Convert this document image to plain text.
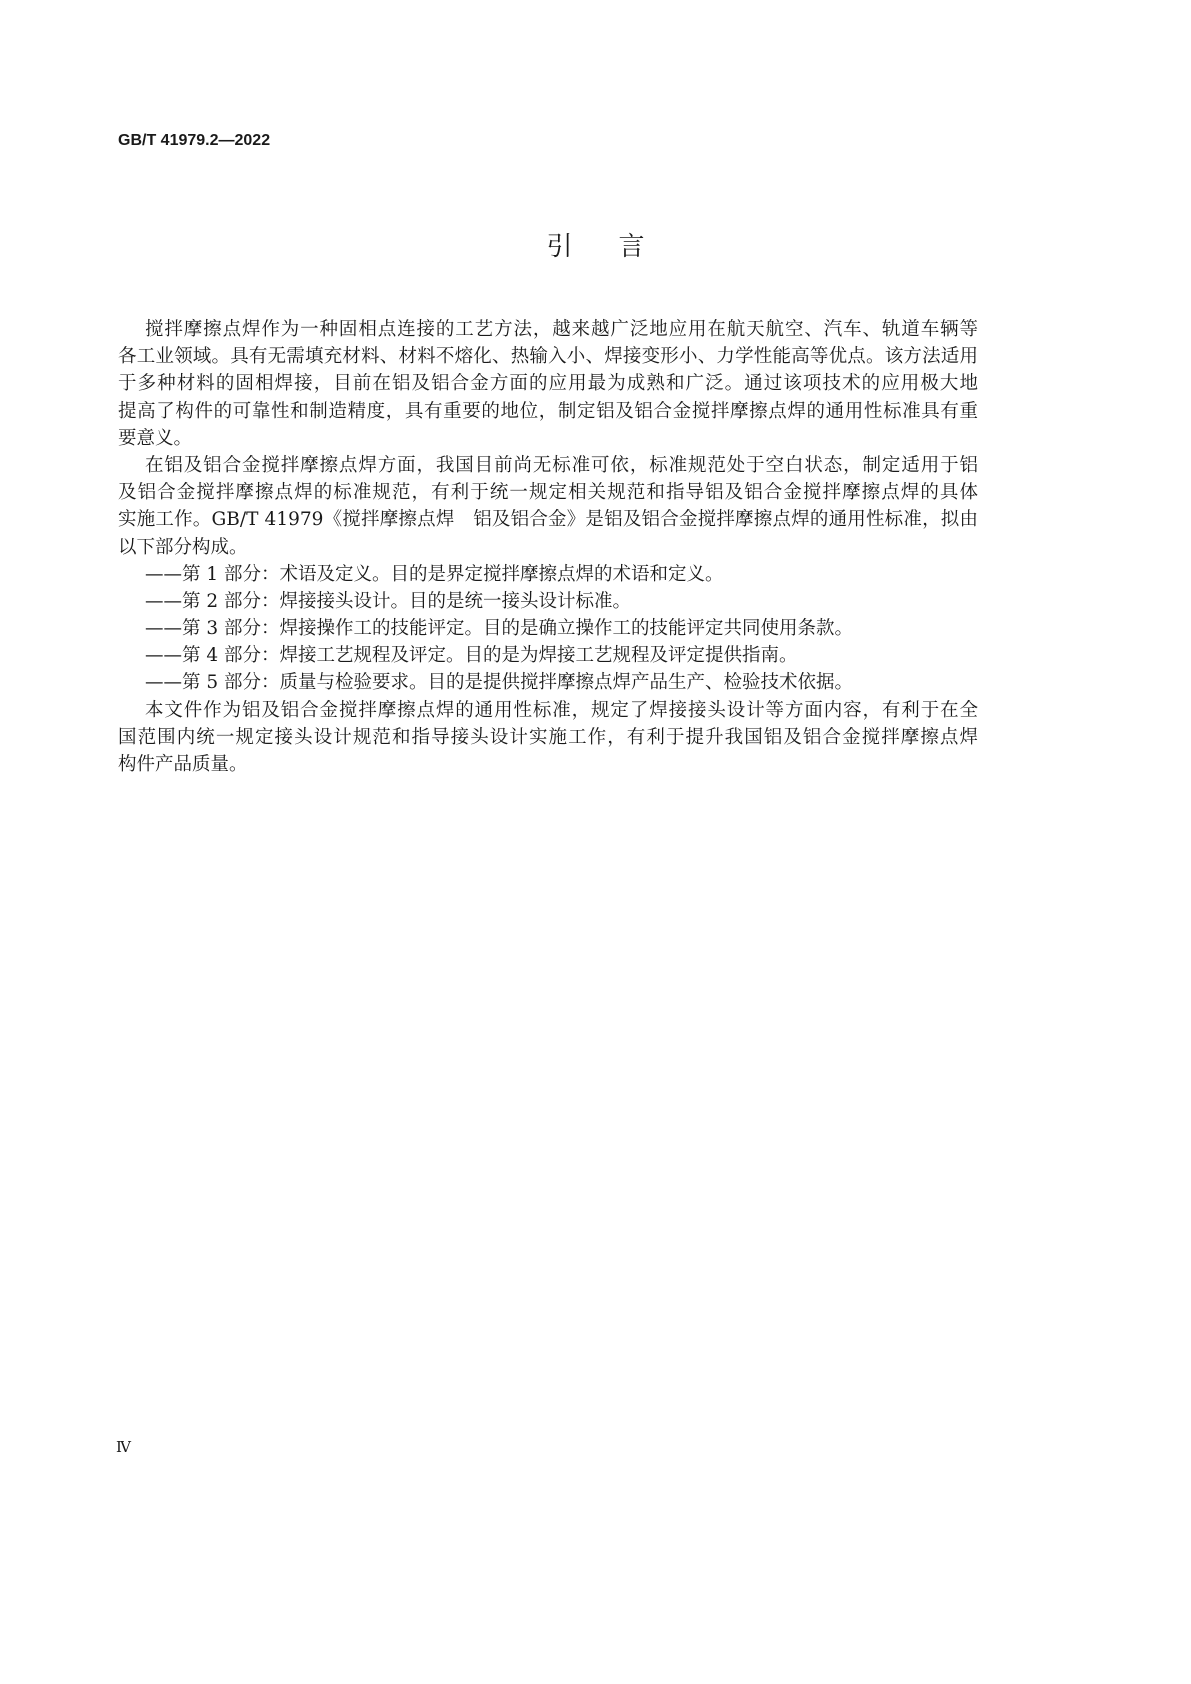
GB/T 41979.2—2022
引言
搅拌摩擦点焊作为一种固相点连接的工艺方法，越来越广泛地应用在航天航空、汽车、轨道车辆等
各工业领域。具有无需填充材料、材料不熔化、热输入小、焊接变形小、力学性能高等优点。该方法适用
于多种材料的固相焊接，目前在铝及铝合金方面的应用最为成熟和广泛。通过该项技术的应用极大地
提高了构件的可靠性和制造精度，具有重要的地位，制定铝及铝合金搅拌摩擦点焊的通用性标准具有重
要意义。
在铝及铝合金搅拌摩擦点焊方面，我国目前尚无标准可依，标准规范处于空白状态，制定适用于铝
及铝合金搅拌摩擦点焊的标准规范，有利于统一规定相关规范和指导铝及铝合金搅拌摩擦点焊的具体
实施工作。GB/T 41979《搅拌摩擦点焊　铝及铝合金》是铝及铝合金搅拌摩擦点焊的通用性标准，拟由
以下部分构成。
——第 1 部分：术语及定义。目的是界定搅拌摩擦点焊的术语和定义。
——第 2 部分：焊接接头设计。目的是统一接头设计标准。
——第 3 部分：焊接操作工的技能评定。目的是确立操作工的技能评定共同使用条款。
——第 4 部分：焊接工艺规程及评定。目的是为焊接工艺规程及评定提供指南。
——第 5 部分：质量与检验要求。目的是提供搅拌摩擦点焊产品生产、检验技术依据。
本文件作为铝及铝合金搅拌摩擦点焊的通用性标准，规定了焊接接头设计等方面内容，有利于在全
国范围内统一规定接头设计规范和指导接头设计实施工作，有利于提升我国铝及铝合金搅拌摩擦点焊
构件产品质量。
Ⅳ
